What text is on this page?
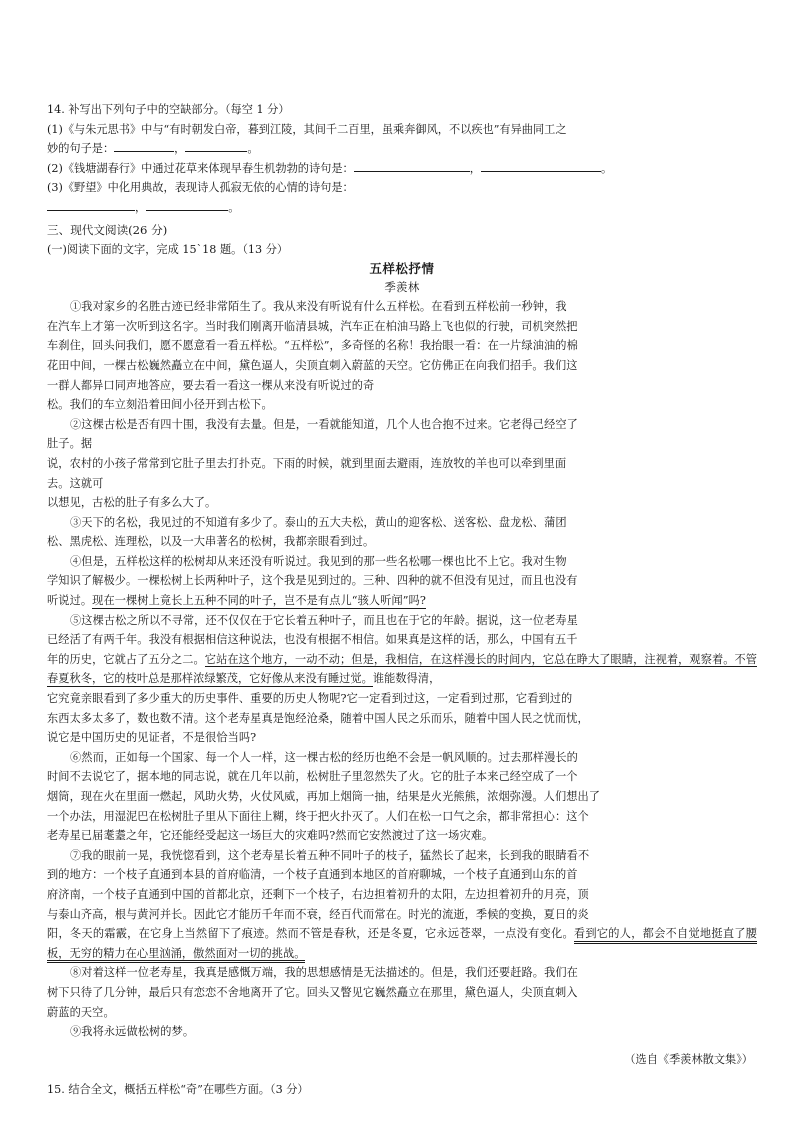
14. 补写出下列句子中的空缺部分。（每空 1 分）
(1)《与朱元思书》中与“有时朝发白帝，暮到江陵，其间千二百里，虽乘奔御风，不以疾也”有异曲同工之
妙的句子是：	，	。
(2)《钱塘湖春行》中通过花草来体现早春生机勃勃的诗句是：	，	。
(3)《野望》中化用典故，表现诗人孤寂无依的心情的诗句是：
，	。
三、现代文阅读(26 分)
(一)阅读下面的文字，完成 15`18 题。（13 分）
五样松抒情
季羨林
①我对家乡的名胜古迹已经非常陌生了。我从来没有听说有什么五样松。在看到五样松前一秒钟，我
在汽车上才第一次听到这名字。当时我们刚离开临清县城，汽车正在柏油马路上飞也似的行驶，司机突然把
车刹住，回头问我们，愿不愿意看一看五样松。“五样松”，多奇怪的名称！我抬眼一看：在一片绿油油的棉
花田中间，一棵古松巍然矗立在中间，黛色逼人，尖顶直刺入蔚蓝的天空。它仿佛正在向我们招手。我们这
一群人都异口同声地答应，要去看一看这一棵从来没有听说过的奇
松。我们的车立刻沿着田间小径开到古松下。
②这棵古松是否有四十围，我没有去量。但是，一看就能知道，几个人也合抱不过来。它老得己经空了
肚子。据
说，农村的小孩子常常到它肚子里去打扑克。下雨的时候，就到里面去避雨，连放牧的羊也可以牵到里面
去。这就可
以想见，古松的肚子有多么大了。
③天下的名松，我见过的不知道有多少了。泰山的五大夫松，黄山的迎客松、送客松、盘龙松、蒲团
松、黑虎松、连理松，以及一大串著名的松树，我都亲眼看到过。
④但是，五样松这样的松树却从来还没有听说过。我见到的那一些名松哪一棵也比不上它。我对生物
学知识了解极少。一棵松树上长两种叶子，这个我是见到过的。三种、四种的就不但没有见过，而且也没有
听说过。现在一棵树上竟长上五种不同的叶子，岂不是有点儿“骇人听闻”吗?
⑤这棵古松之所以不寻常，还不仅仅在于它长着五种叶子，而且也在于它的年龄。据说，这一位老寿星
已经活了有两千年。我没有根据相信这种说法，也没有根据不相信。如果真是这样的话，那么，中国有五千
年的历史，它就占了五分之二。它站在这个地方，一动不动；但是，我相信，在这样漫长的时间内，它总在睁大了眼睛，注视着，观察着。不管春夏秋冬，它的枝叶总是那样浓绿繁茂，它好像从来没有睡过觉。谁能数得清，
它究竟亲眼看到了多少重大的历史事件、重要的历史人物呢?它一定看到过这，一定看到过那，它看到过的
东西太多太多了，数也数不清。这个老寿星真是饱经沧桑，随着中国人民之乐而乐，随着中国人民之忧而忧，
说它是中国历史的见证者，不是很恰当吗?
⑥然而，正如每一个国家、每一个人一样，这一棵古松的经历也绝不会是一帆风顺的。过去那样漫长的
时间不去说它了，据本地的同志说，就在几年以前，松树肚子里忽然失了火。它的肚子本来己经空成了一个
烟筒，现在火在里面一燃起，风助火势，火仗风威，再加上烟筒一抽，结果是火光熊熊，浓烟弥漫。人们想出了
一个办法，用湿泥巴在松树肚子里从下面往上糊，终于把火扑灭了。人们在松一口气之余，都非常担心：这个
老寿星已届耄耋之年，它还能经受起这一场巨大的灾难吗?然而它安然渡过了这一场灾难。
⑦我的眼前一晃，我恍惚看到，这个老寿星长着五种不同叶子的枝子，猛然长了起来，长到我的眼睛看不
到的地方：一个枝子直通到本县的首府临清，一个枝子直通到本地区的首府聊城，一个枝子直通到山东的首
府济南，一个枝子直通到中国的首都北京，还剩下一个枝子，右边担着初升的太阳，左边担着初升的月亮，顶
与泰山齐高，根与黄河并长。因此它才能历千年而不衰，经百代而常在。时光的流逝，季候的变换，夏日的炎
阳，冬天的霜霰，在它身上当然留下了痕迹。然而不管是春秋，还是冬夏，它永远苍翠，一点没有变化。看到它的人，都会不自觉地挺直了腰板，无穷的精力在心里汹涌，傲然面对一切的挑战。
⑧对着这样一位老寿星，我真是感慨万端，我的思想感情是无法描述的。但是，我们还要赶路。我们在
树下只待了几分钟，最后只有恋恋不舍地离开了它。回头又瞥见它巍然矗立在那里，黛色逼人，尖顶直刺入
蔚蓝的天空。
⑨我将永远做松树的梦。
（选自《季羨林散文集》）
15. 结合全文，概括五样松“奇”在哪些方面。（3 分）
